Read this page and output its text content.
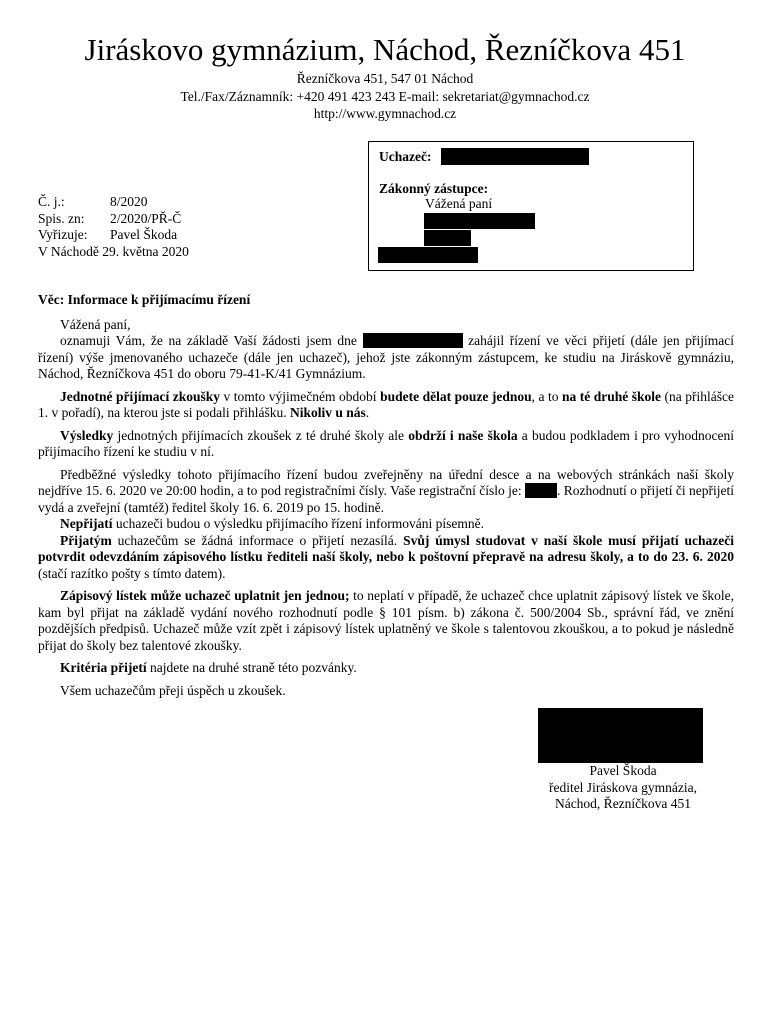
Jiráskovo gymnázium, Náchod, Řezníčkova 451
Řezníčkova 451, 547 01 Náchod
Tel./Fax/Záznamník: +420 491 423 243 E-mail: sekretariat@gymnachod.cz
http://www.gymnachod.cz
Uchazeč:
Zákonný zástupce:
Vážená paní
Č. j.:	8/2020
Spis. zn:	2/2020/PŘ-Č
Vyřizuje:	Pavel Škoda
V Náchodě 29. května 2020

Věc: Informace k přijímacímu řízení

Vážená paní,

oznamuji Vám, že na základě Vaší žádosti jsem dne	zahájil řízení ve věci přijetí (dále jen přijímací řízení) výše jmenovaného uchazeče (dále jen uchazeč), jehož jste zákonným zástupcem, ke studiu na Jiráskově gymnáziu, Náchod, Řezníčkova 451 do oboru 79-41-K/41 Gymnázium.

Jednotné přijímací zkoušky v tomto výjimečném období budete dělat pouze jednou, a to na té druhé škole (na přihlášce 1. v pořadí), na kterou jste si podali přihlášku. Nikoliv u nás.

Výsledky jednotných přijímacích zkoušek z té druhé školy ale obdrží i naše škola a budou podkladem i pro vyhodnocení přijímacího řízení ke studiu v ní.

Předběžné výsledky tohoto přijímacího řízení budou zveřejněny na úřední desce a na webových stránkách naší školy nejdříve 15. 6. 2020 ve 20:00 hodin, a to pod registračními čísly. Vaše registrační číslo je:	. Rozhodnutí o přijetí či nepřijetí vydá a zveřejní (tamtéž) ředitel školy 16. 6. 2019 po 15. hodině.

Nepřijatí uchazeči budou o výsledku přijímacího řízení informováni písemně.

Přijatým uchazečům se žádná informace o přijetí nezasílá. Svůj úmysl studovat v naší škole musí přijatí uchazeči potvrdit odevzdáním zápisového lístku řediteli naší školy, nebo k poštovní přepravě na adresu školy, a to do 23. 6. 2020 (stačí razítko pošty s tímto datem).

Zápisový lístek může uchazeč uplatnit jen jednou; to neplatí v případě, že uchazeč chce uplatnit zápisový lístek ve škole, kam byl přijat na základě vydání nového rozhodnutí podle § 101 písm. b) zákona č. 500/2004 Sb., správní řád, ve znění pozdějších předpisů. Uchazeč může vzít zpět i zápisový lístek uplatněný ve škole s talentovou zkouškou, a to pokud je následně přijat do školy bez talentové zkoušky.

Kritéria přijetí najdete na druhé straně této pozvánky.

Všem uchazečům přeji úspěch u zkoušek.

Pavel Škoda
ředitel Jiráskova gymnázia,
Náchod, Řezníčkova 451
